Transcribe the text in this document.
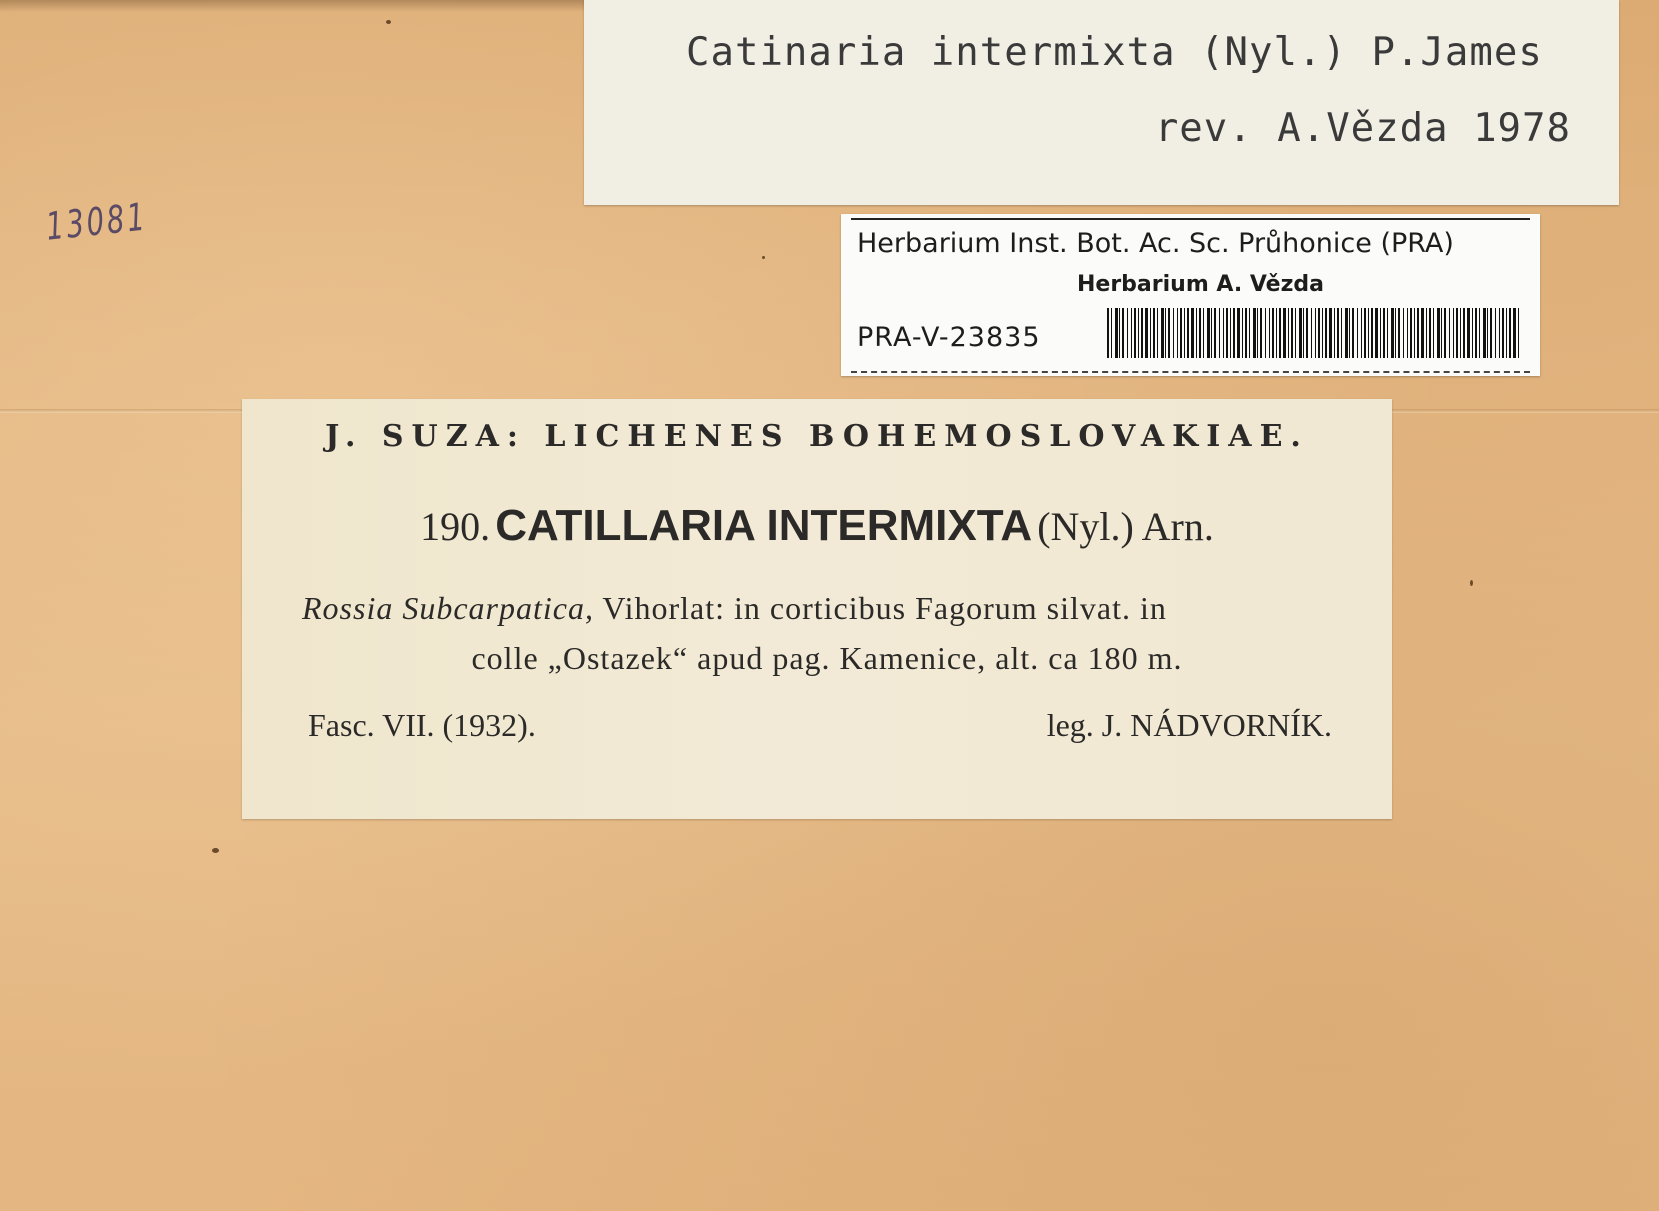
13081
Catinaria intermixta (Nyl.) P.James
rev. A.Vězda 1978
Herbarium Inst. Bot. Ac. Sc. Průhonice (PRA)
Herbarium A. Vězda
PRA-V-23835
J. SUZA: LICHENES BOHEMOSLOVAKIAE.
190. CATILLARIA INTERMIXTA (Nyl.) Arn.
Rossia Subcarpatica, Vihorlat: in corticibus Fagorum silvat. in
colle „Ostazek“ apud pag. Kamenice, alt. ca 180 m.
Fasc. VII. (1932).	leg. J. NÁDVORNÍK.
